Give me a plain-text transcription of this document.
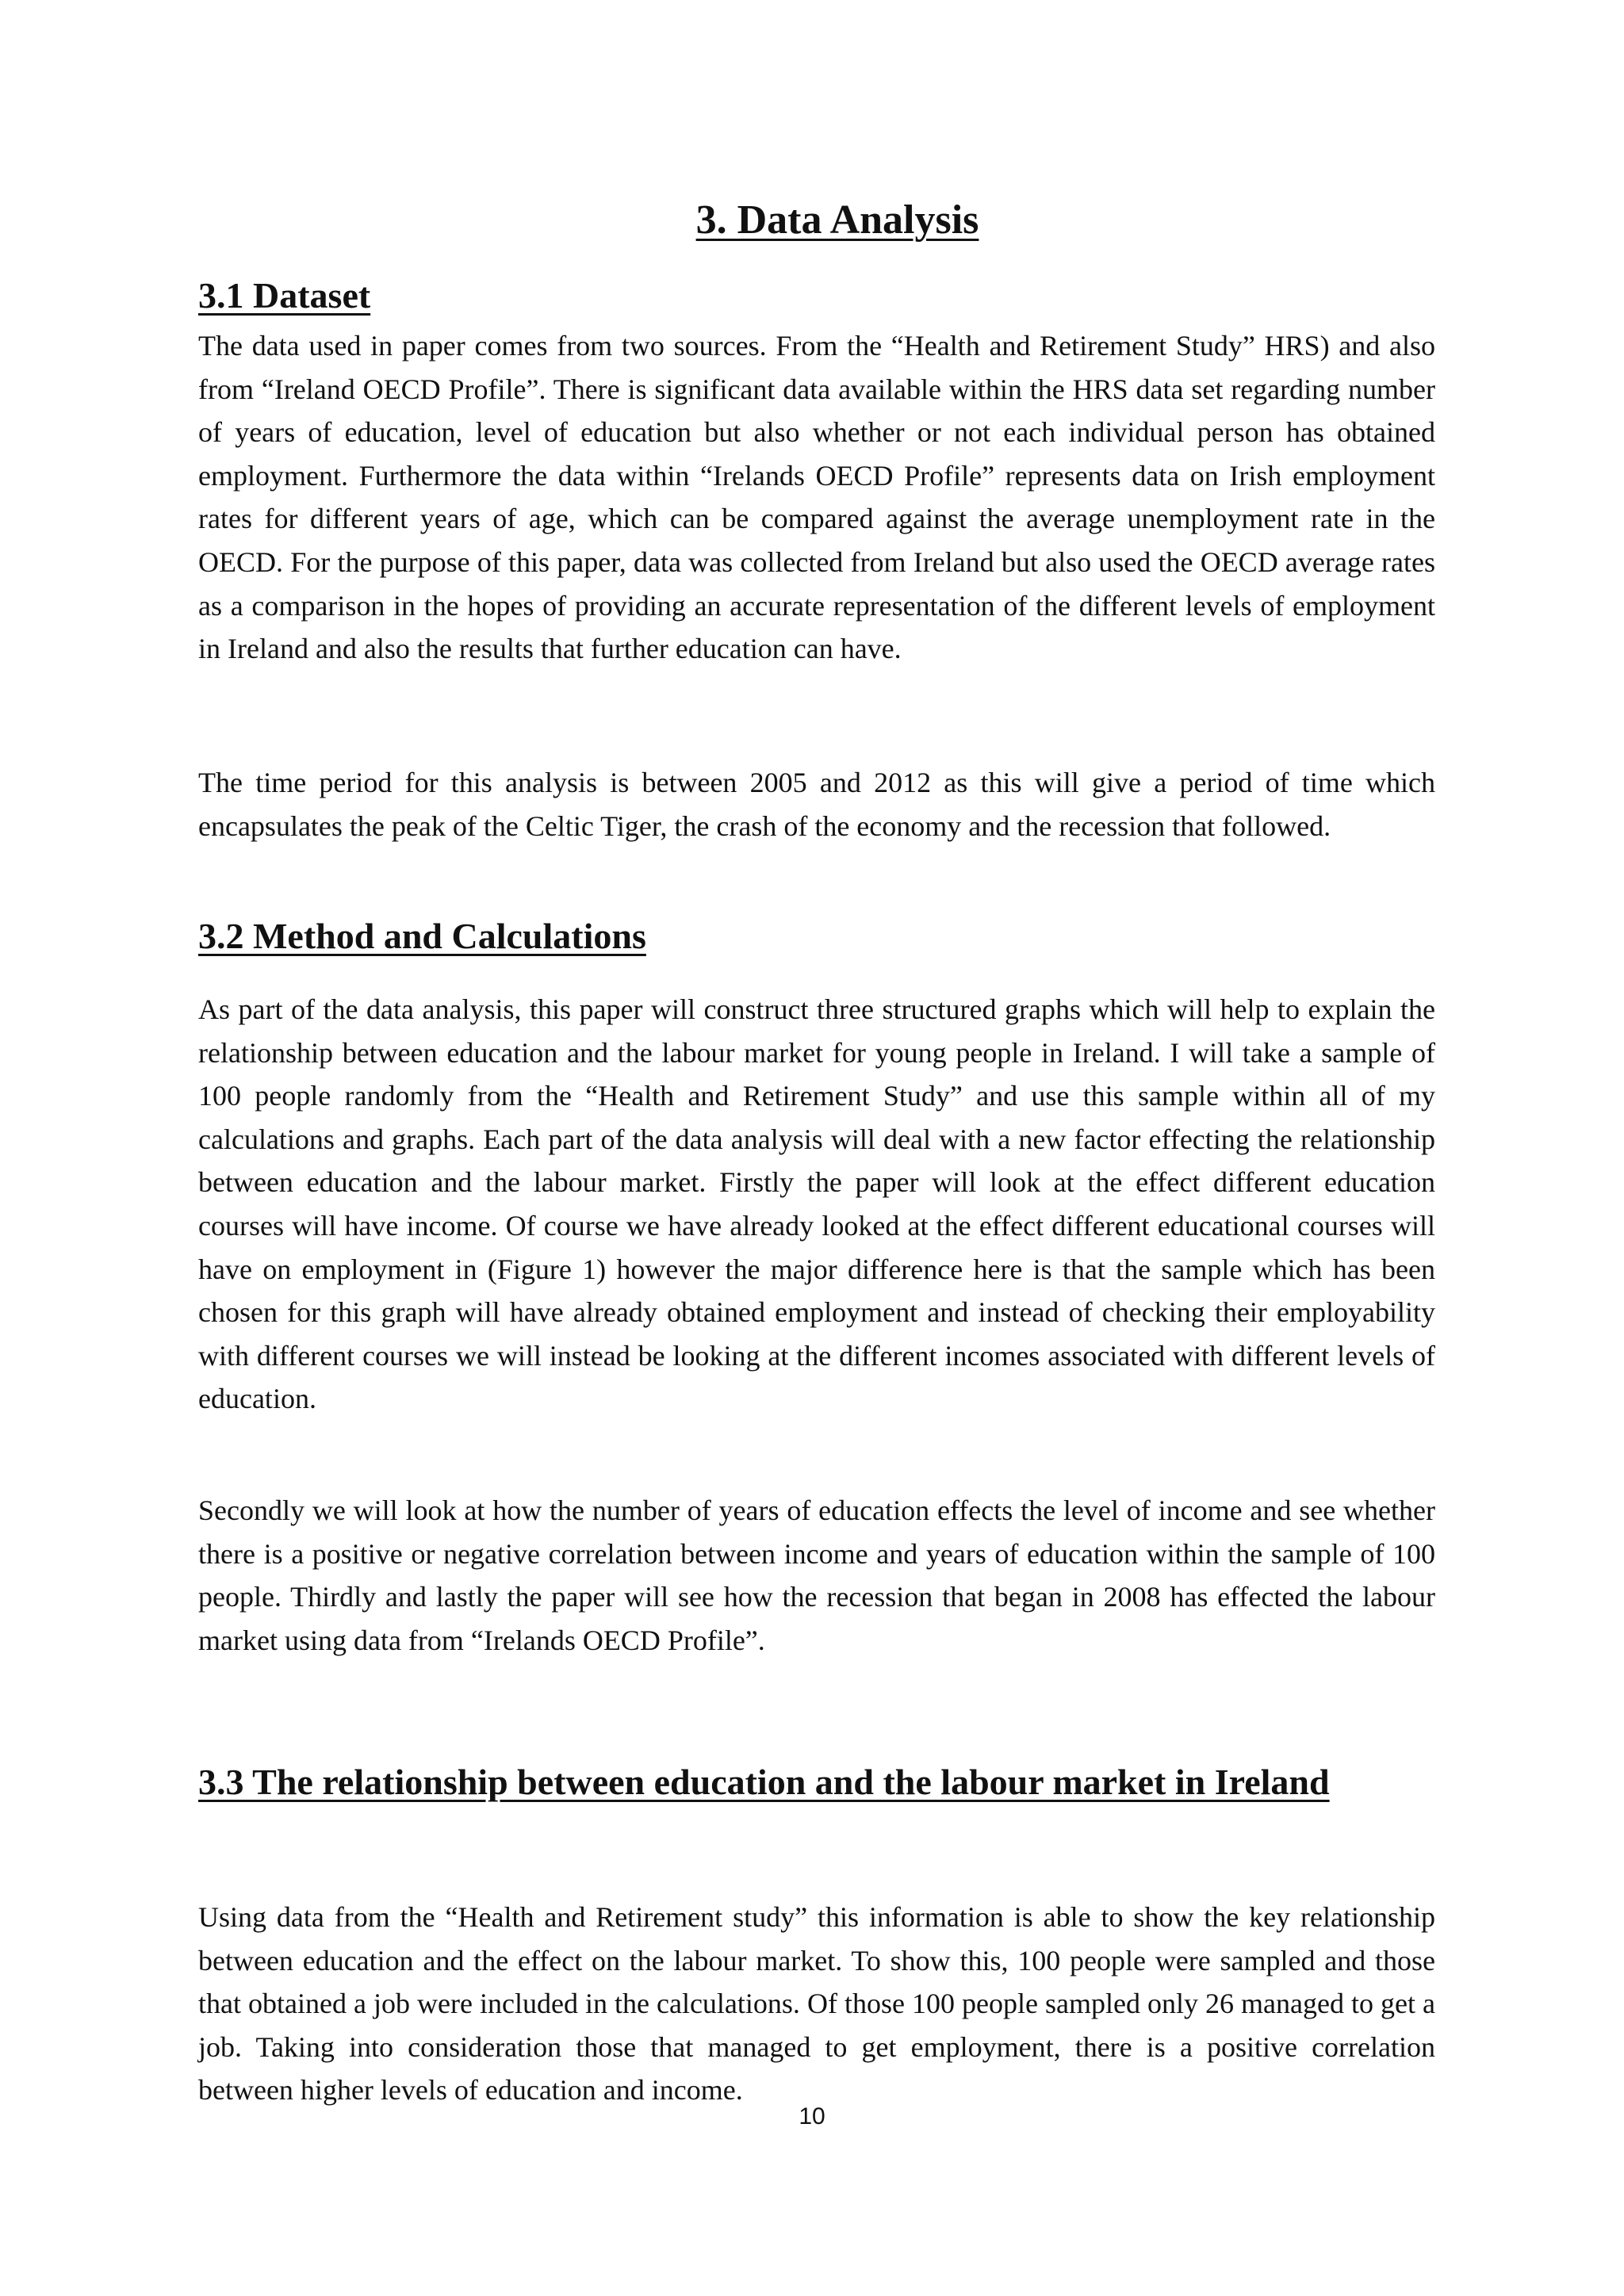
3. Data Analysis
3.1 Dataset

The data used in paper comes from two sources. From the “Health and Retirement Study” HRS) and also from “Ireland OECD Profile”. There is significant data available within the HRS data set regarding number of years of education, level of education but also whether or not each individual person has obtained employment. Furthermore the data within “Irelands OECD Profile” represents data on Irish employment rates for different years of age, which can be compared against the average unemployment rate in the OECD. For the purpose of this paper, data was collected from Ireland but also used the OECD average rates as a comparison in the hopes of providing an accurate representation of the different levels of employment in Ireland and also the results that further education can have.

The time period for this analysis is between 2005 and 2012 as this will give a period of time which encapsulates the peak of the Celtic Tiger, the crash of the economy and the recession that followed.

3.2 Method and Calculations

As part of the data analysis, this paper will construct three structured graphs which will help to explain the relationship between education and the labour market for young people in Ireland. I will take a sample of 100 people randomly from the “Health and Retirement Study” and use this sample within all of my calculations and graphs. Each part of the data analysis will deal with a new factor effecting the relationship between education and the labour market. Firstly the paper will look at the effect different education courses will have income. Of course we have already looked at the effect different educational courses will have on employment in (Figure 1) however the major difference here is that the sample which has been chosen for this graph will have already obtained employment and instead of checking their employability with different courses we will instead be looking at the different incomes associated with different levels of education.

Secondly we will look at how the number of years of education effects the level of income and see whether there is a positive or negative correlation between income and years of education within the sample of 100 people. Thirdly and lastly the paper will see how the recession that began in 2008 has effected the labour market using data from “Irelands OECD Profile”.

3.3 The relationship between education and the labour market in Ireland

Using data from the “Health and Retirement study” this information is able to show the key relationship between education and the effect on the labour market. To show this, 100 people were sampled and those that obtained a job were included in the calculations. Of those 100 people sampled only 26 managed to get a job. Taking into consideration those that managed to get employment, there is a positive correlation between higher levels of education and income.

10
